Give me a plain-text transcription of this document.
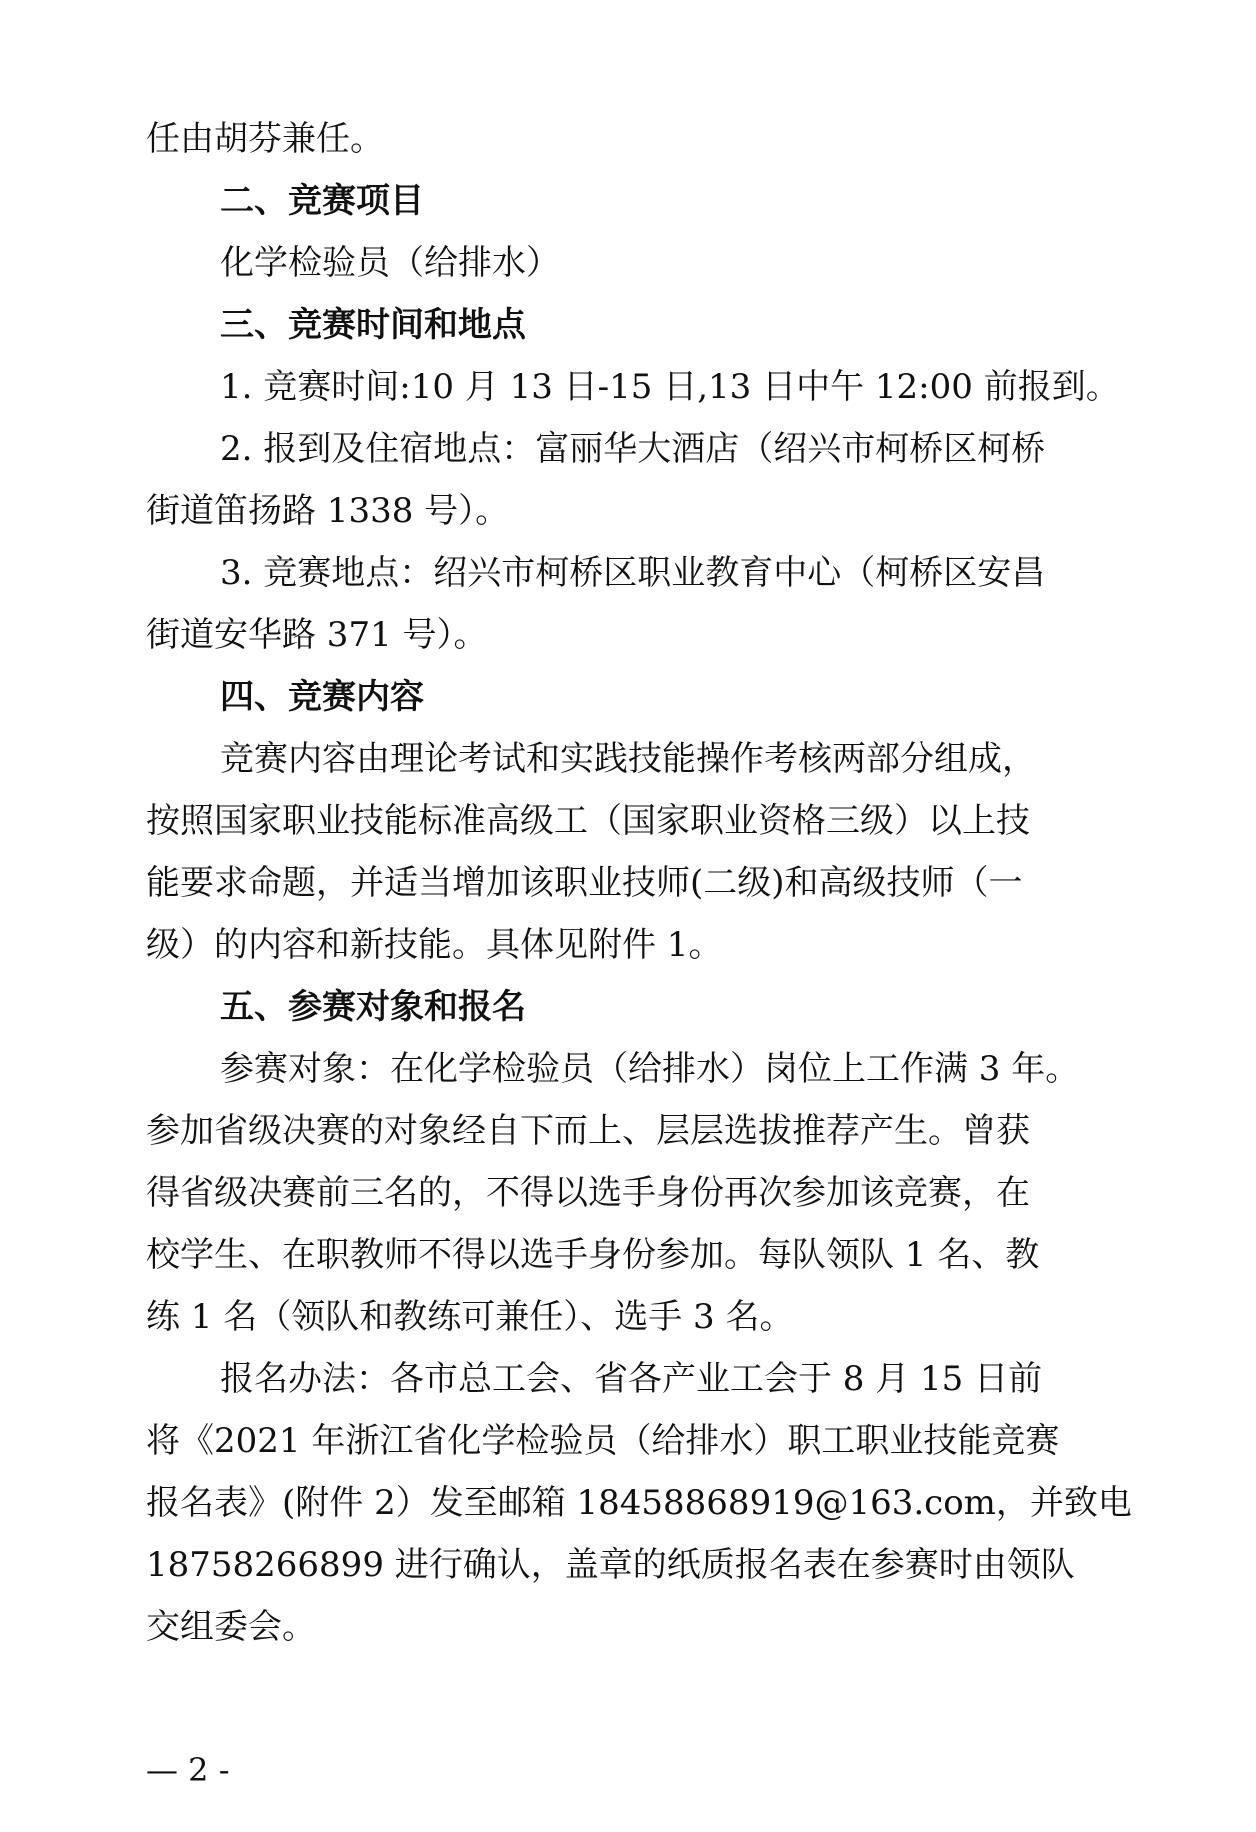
任由胡芬兼任。
二、竞赛项目
化学检验员（给排水）
三、竞赛时间和地点
1. 竞赛时间:10 月 13 日-15 日,13 日中午 12:00 前报到。
2. 报到及住宿地点：富丽华大酒店（绍兴市柯桥区柯桥
街道笛扬路 1338 号）。
3. 竞赛地点：绍兴市柯桥区职业教育中心（柯桥区安昌
街道安华路 371 号）。
四、竞赛内容
竞赛内容由理论考试和实践技能操作考核两部分组成，
按照国家职业技能标准高级工（国家职业资格三级）以上技
能要求命题，并适当增加该职业技师(二级)和高级技师（一
级）的内容和新技能。具体见附件 1。
五、参赛对象和报名
参赛对象：在化学检验员（给排水）岗位上工作满 3 年。
参加省级决赛的对象经自下而上、层层选拔推荐产生。曾获
得省级决赛前三名的，不得以选手身份再次参加该竞赛，在
校学生、在职教师不得以选手身份参加。每队领队 1 名、教
练 1 名（领队和教练可兼任）、选手 3 名。
报名办法：各市总工会、省各产业工会于 8 月 15 日前
将《2021 年浙江省化学检验员（给排水）职工职业技能竞赛
报名表》(附件 2）发至邮箱 18458868919@163.com，并致电
18758266899 进行确认，盖章的纸质报名表在参赛时由领队
交组委会。
— 2 -
